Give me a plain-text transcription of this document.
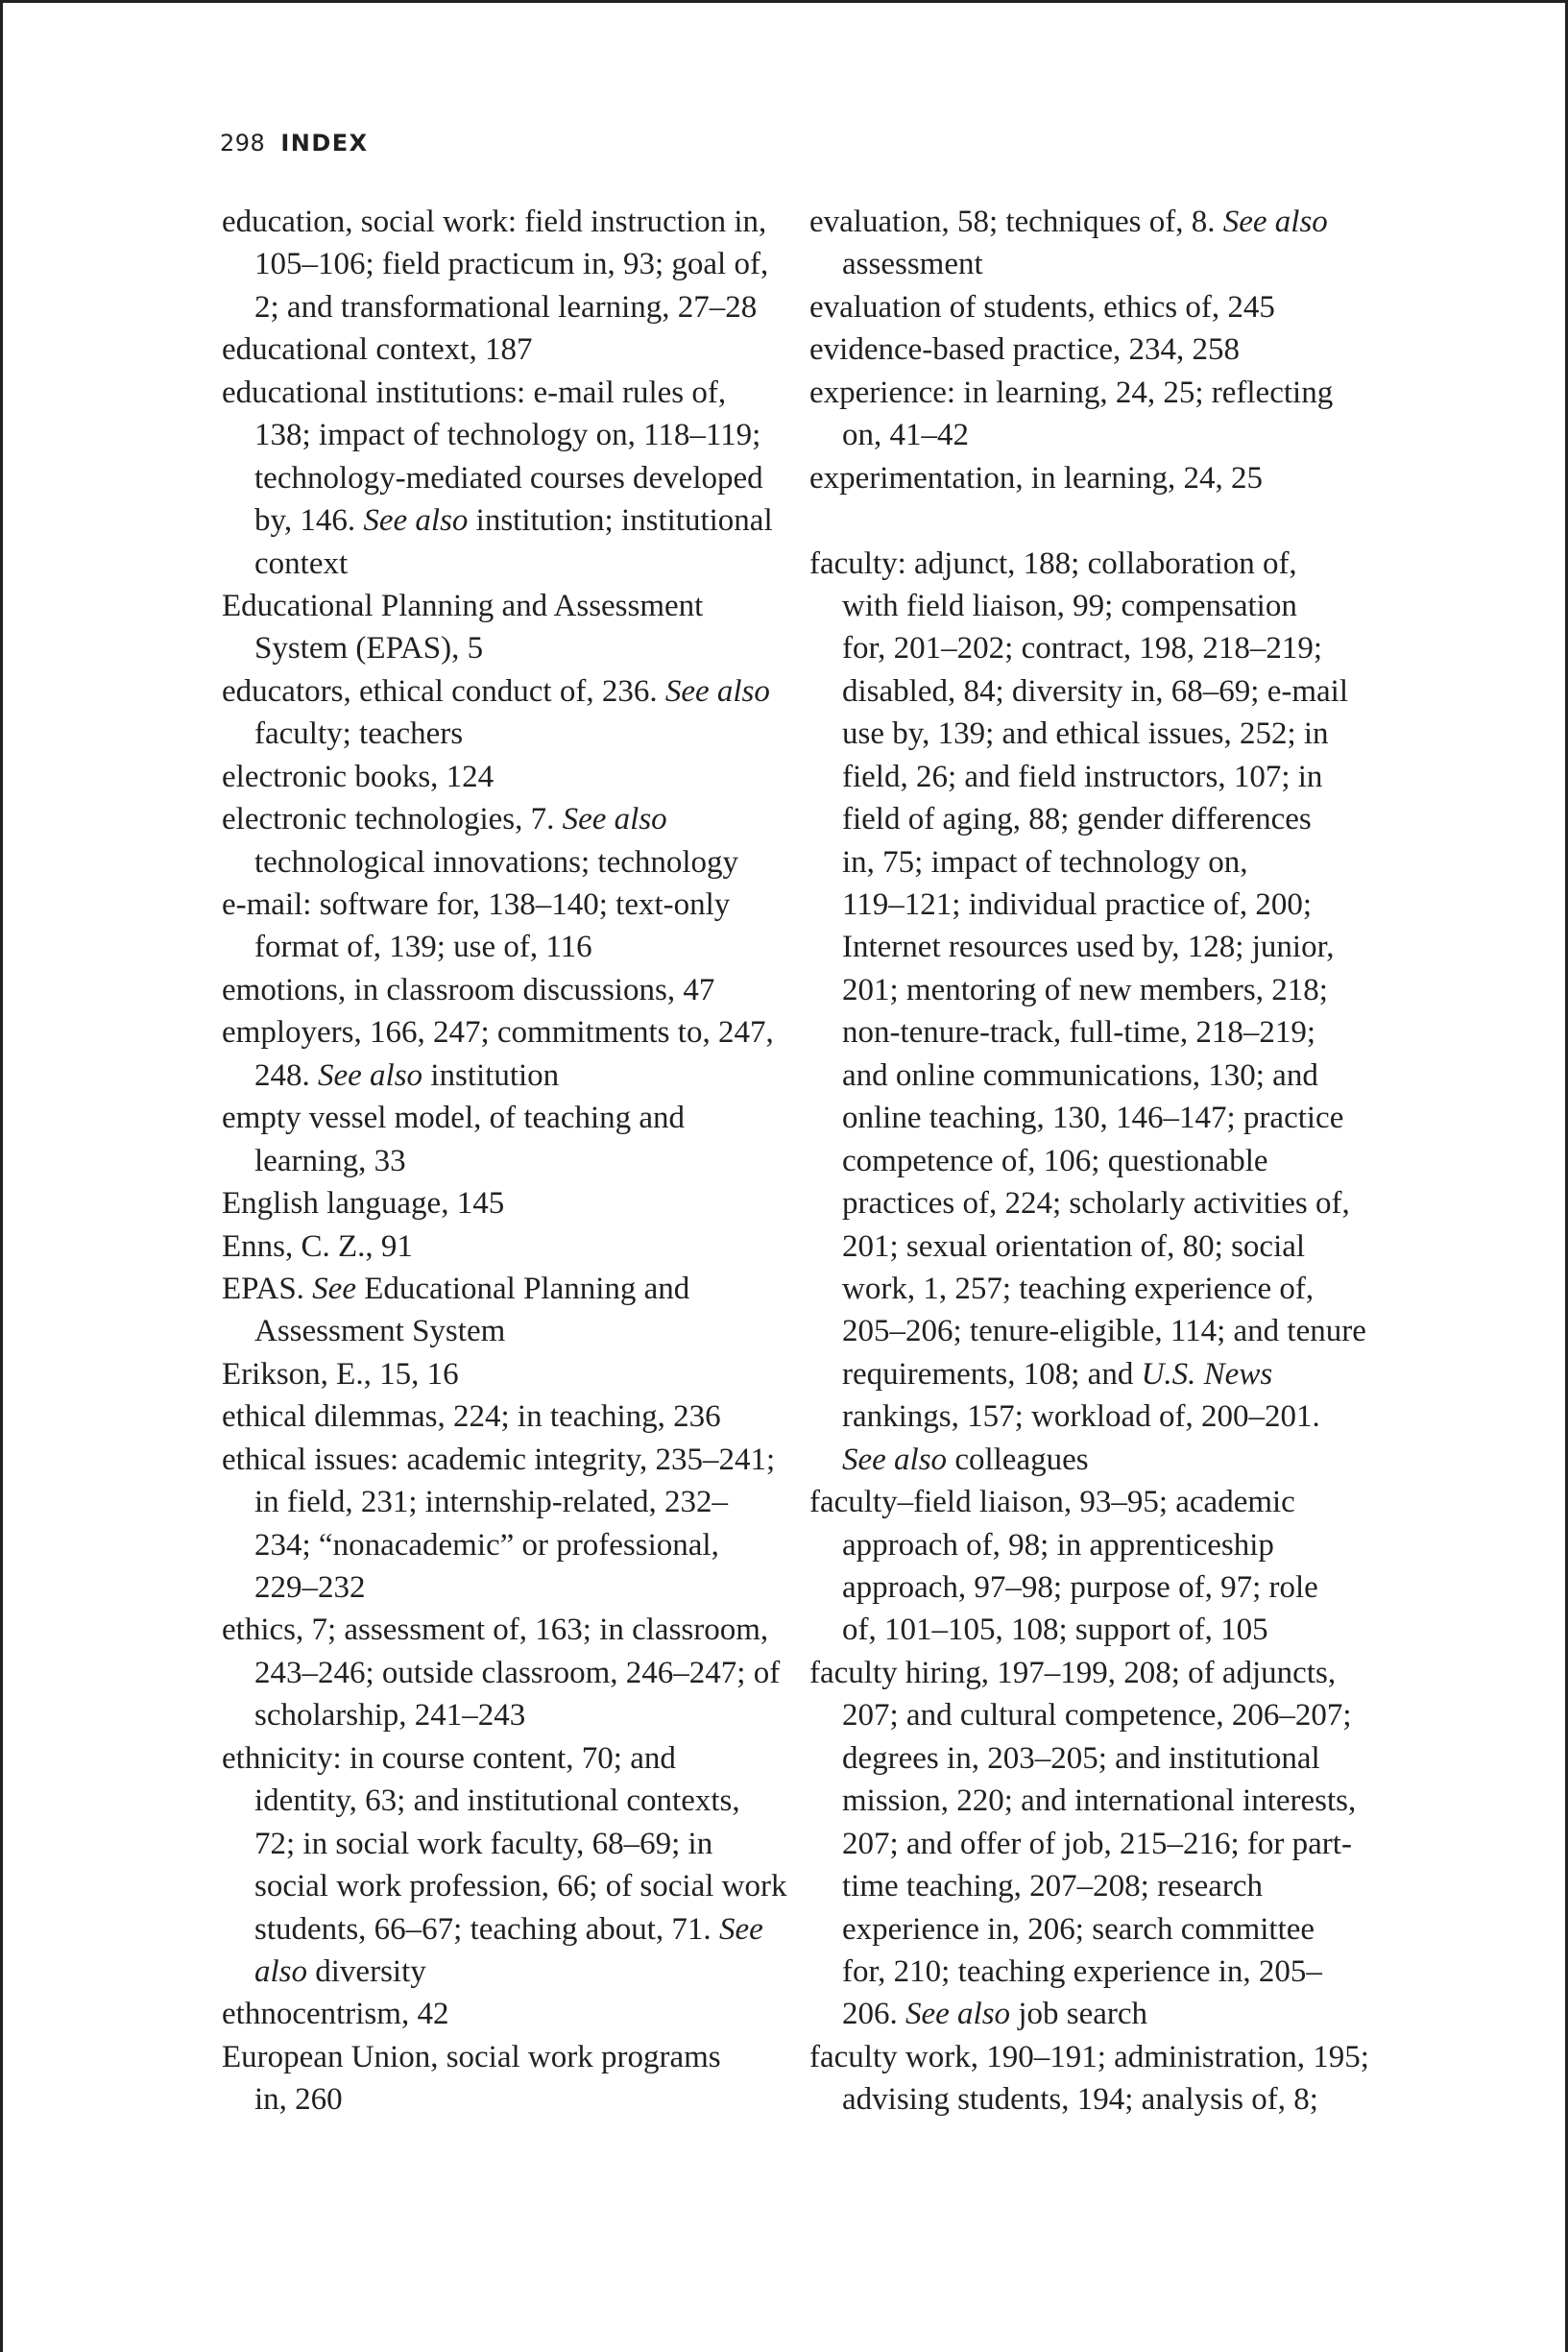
298 INDEX
education, social work: field instruction in,
105–106; field practicum in, 93; goal of,
2; and transformational learning, 27–28
educational context, 187
educational institutions: e-mail rules of,
138; impact of technology on, 118–119;
technology-mediated courses developed
by, 146. See also institution; institutional
context
Educational Planning and Assessment
System (EPAS), 5
educators, ethical conduct of, 236. See also
faculty; teachers
electronic books, 124
electronic technologies, 7. See also
technological innovations; technology
e-mail: software for, 138–140; text-only
format of, 139; use of, 116
emotions, in classroom discussions, 47
employers, 166, 247; commitments to, 247,
248. See also institution
empty vessel model, of teaching and
learning, 33
English language, 145
Enns, C. Z., 91
EPAS. See Educational Planning and
Assessment System
Erikson, E., 15, 16
ethical dilemmas, 224; in teaching, 236
ethical issues: academic integrity, 235–241;
in field, 231; internship-related, 232–
234; “nonacademic” or professional,
229–232
ethics, 7; assessment of, 163; in classroom,
243–246; outside classroom, 246–247; of
scholarship, 241–243
ethnicity: in course content, 70; and
identity, 63; and institutional contexts,
72; in social work faculty, 68–69; in
social work profession, 66; of social work
students, 66–67; teaching about, 71. See
also diversity
ethnocentrism, 42
European Union, social work programs
in, 260
evaluation, 58; techniques of, 8. See also
assessment
evaluation of students, ethics of, 245
evidence-based practice, 234, 258
experience: in learning, 24, 25; reflecting
on, 41–42
experimentation, in learning, 24, 25
faculty: adjunct, 188; collaboration of,
with field liaison, 99; compensation
for, 201–202; contract, 198, 218–219;
disabled, 84; diversity in, 68–69; e-mail
use by, 139; and ethical issues, 252; in
field, 26; and field instructors, 107; in
field of aging, 88; gender differences
in, 75; impact of technology on,
119–121; individual practice of, 200;
Internet resources used by, 128; junior,
201; mentoring of new members, 218;
non-tenure-track, full-time, 218–219;
and online communications, 130; and
online teaching, 130, 146–147; practice
competence of, 106; questionable
practices of, 224; scholarly activities of,
201; sexual orientation of, 80; social
work, 1, 257; teaching experience of,
205–206; tenure-eligible, 114; and tenure
requirements, 108; and U.S. News
rankings, 157; workload of, 200–201.
See also colleagues
faculty–field liaison, 93–95; academic
approach of, 98; in apprenticeship
approach, 97–98; purpose of, 97; role
of, 101–105, 108; support of, 105
faculty hiring, 197–199, 208; of adjuncts,
207; and cultural competence, 206–207;
degrees in, 203–205; and institutional
mission, 220; and international interests,
207; and offer of job, 215–216; for part-
time teaching, 207–208; research
experience in, 206; search committee
for, 210; teaching experience in, 205–
206. See also job search
faculty work, 190–191; administration, 195;
advising students, 194; analysis of, 8;
